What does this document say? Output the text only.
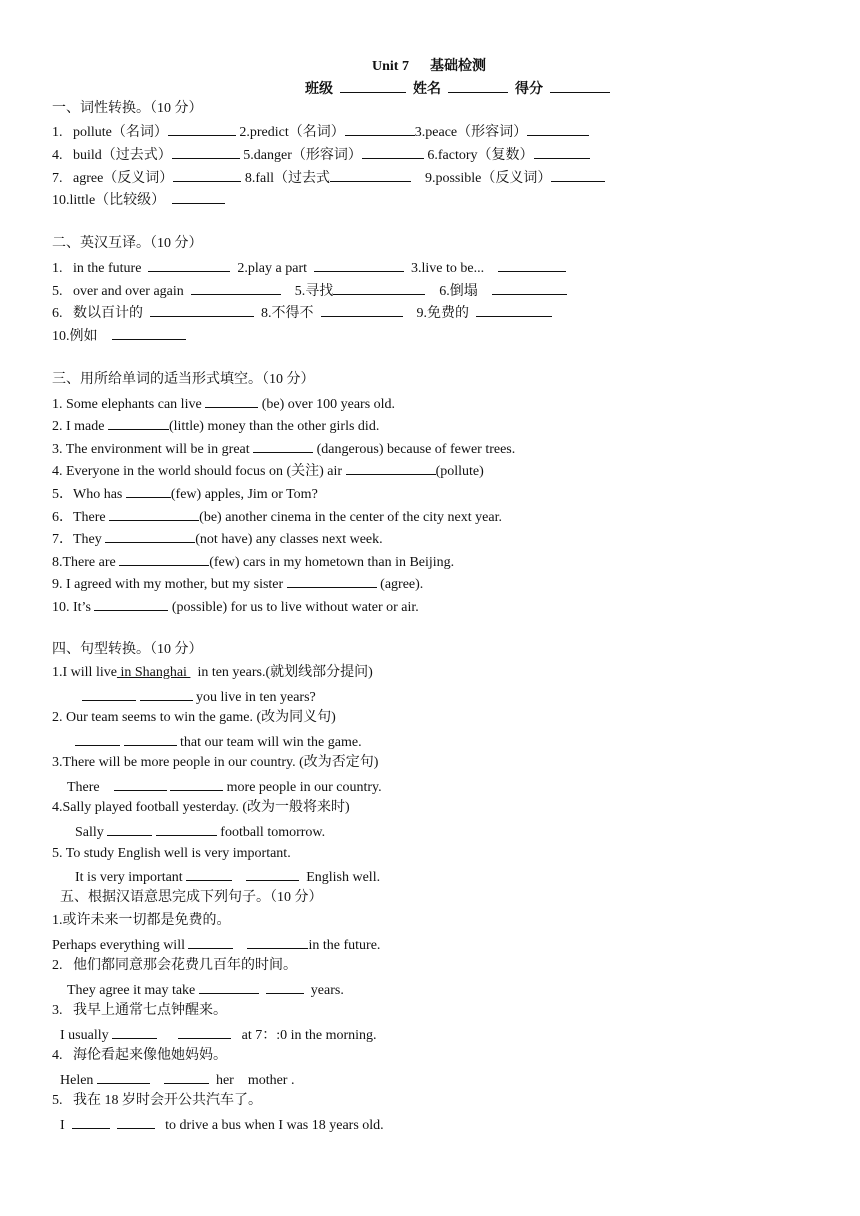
Unit 7 基础检测
班级	姓名	得分
一、词性转换。（10 分）
1.   pollute（名词）	2.predict（名词）	3.peace（形容词）
4.   build（过去式）	5.danger（形容词）	6.factory（复数）
7.   agree（反义词）	8.fall（过去式	9.possible（反义词）
10.little（比较级）
二、英汉互译。（10 分）
1.   in the future	2.play a part	3.live to be...
5.   over and over again	5.寻找	6.倒塌
6.   数以百计的	8.不得不	9.免费的
10.例如
三、用所给单词的适当形式填空。（10 分）
1. Some elephants can live	(be) over 100 years old.
2. I made	(little) money than the other girls did.
3. The environment will be in great	(dangerous) because of fewer trees.
4. Everyone in the world should focus on (关注) air	(pollute)
5．Who has	(few) apples, Jim or Tom?
6．There	(be) another cinema in the center of the city next year.
7．They	(not have) any classes next week.
8.There are	(few) cars in my hometown than in Beijing.
9. I agreed with my mother, but my sister	(agree).
10. It’s	(possible) for us to live without water or air.
四、句型转换。（10 分）
1.I will live in Shanghai   in ten years.(就划线部分提问)
you live in ten years?
2. Our team seems to win the game. (改为同义句)
that our team will win the game.
3.There will be more people in our country. (改为否定句)
There	more people in our country.
4.Sally played football yesterday. (改为一般将来时)
Sally	football tomorrow.
5. To study English well is very important.
It is very important	English well.
五、根据汉语意思完成下列句子。（10 分）
1.或许未来一切都是免费的。
Perhaps everything will	in the future.
2.   他们都同意那会花费几百年的时间。
They agree it may take	years.
3.   我早上通常七点钟醒来。
I usually	at 7：:0 in the morning.
4.   海伦看起来像他她妈妈。
Helen	her    mother .
5.   我在 18 岁时会开公共汽车了。
I	to drive a bus when I was 18 years old.
